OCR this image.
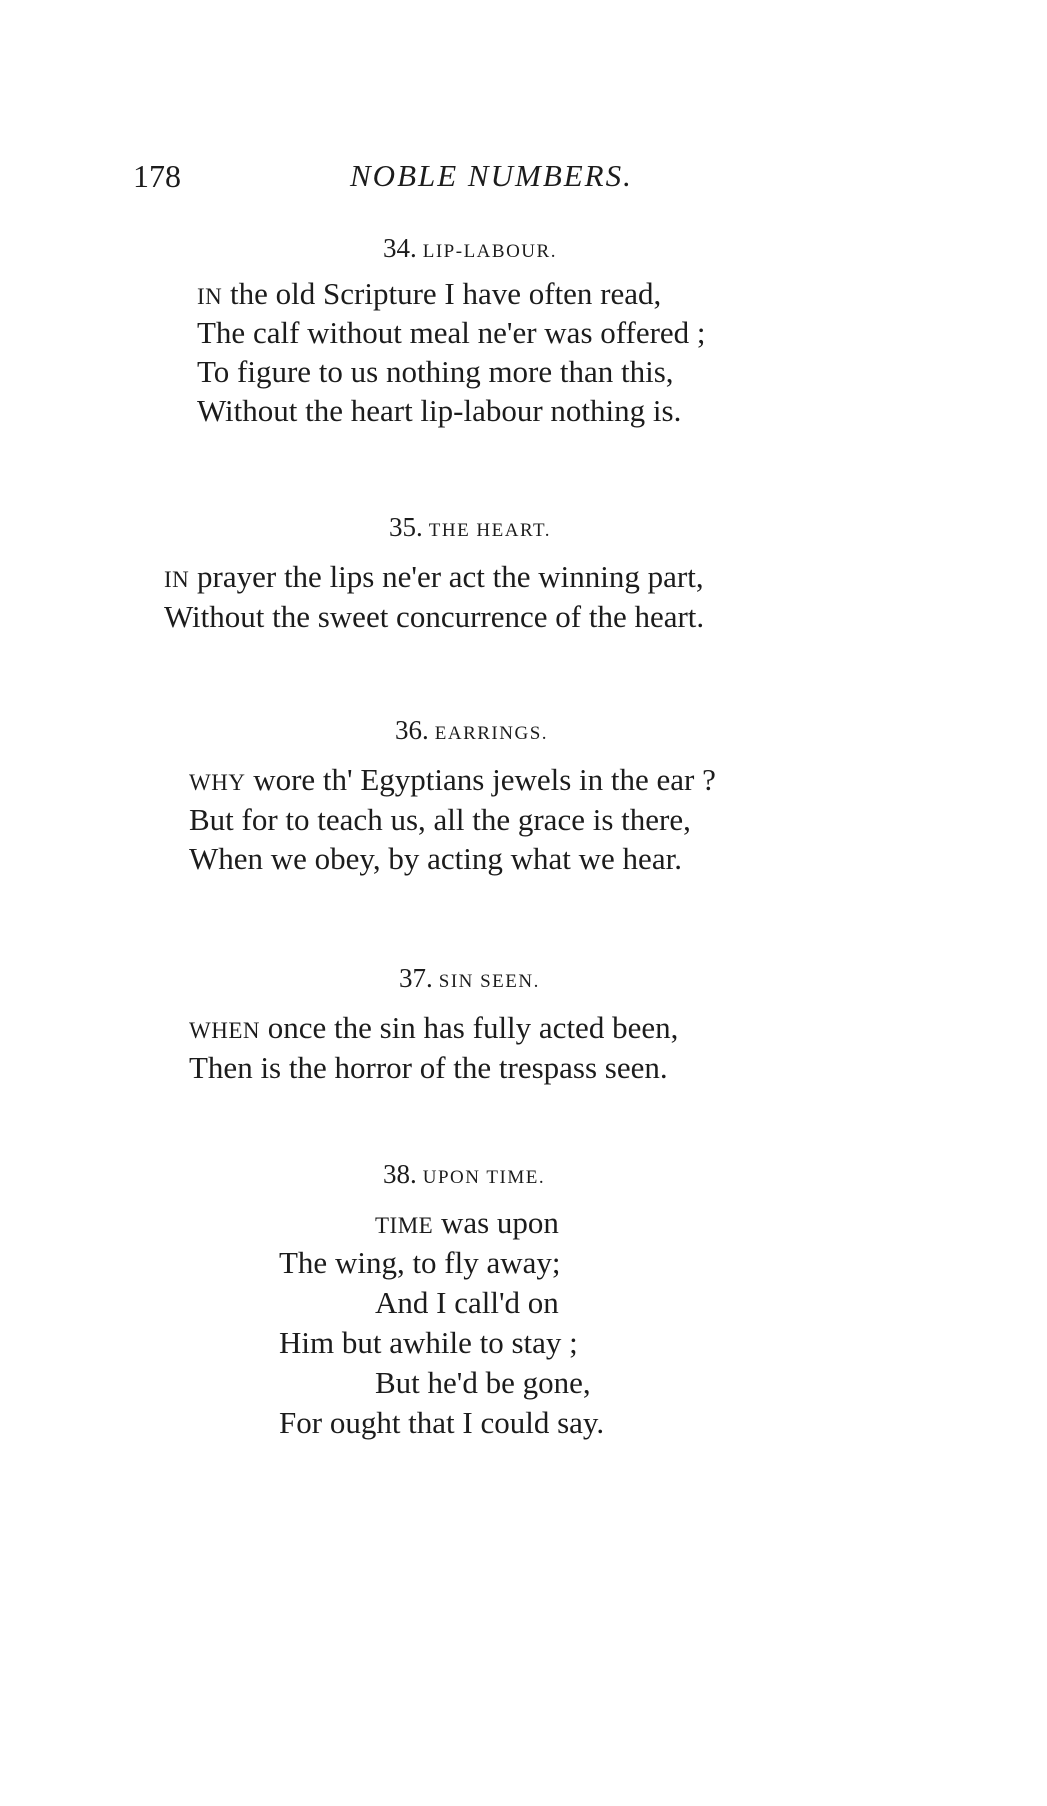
178	NOBLE NUMBERS.
34. LIP-LABOUR.
IN the old Scripture I have often read,
The calf without meal ne'er was offered ;
To figure to us nothing more than this,
Without the heart lip-labour nothing is.
35. THE HEART.
IN prayer the lips ne'er act the winning part,
Without the sweet concurrence of the heart.
36. EARRINGS.
WHY wore th' Egyptians jewels in the ear ?
But for to teach us, all the grace is there,
When we obey, by acting what we hear.
37. SIN SEEN.
WHEN once the sin has fully acted been,
Then is the horror of the trespass seen.
38. UPON TIME.
TIME was upon
The wing, to fly away;
And I call'd on
Him but awhile to stay ;
But he'd be gone,
For ought that I could say.
